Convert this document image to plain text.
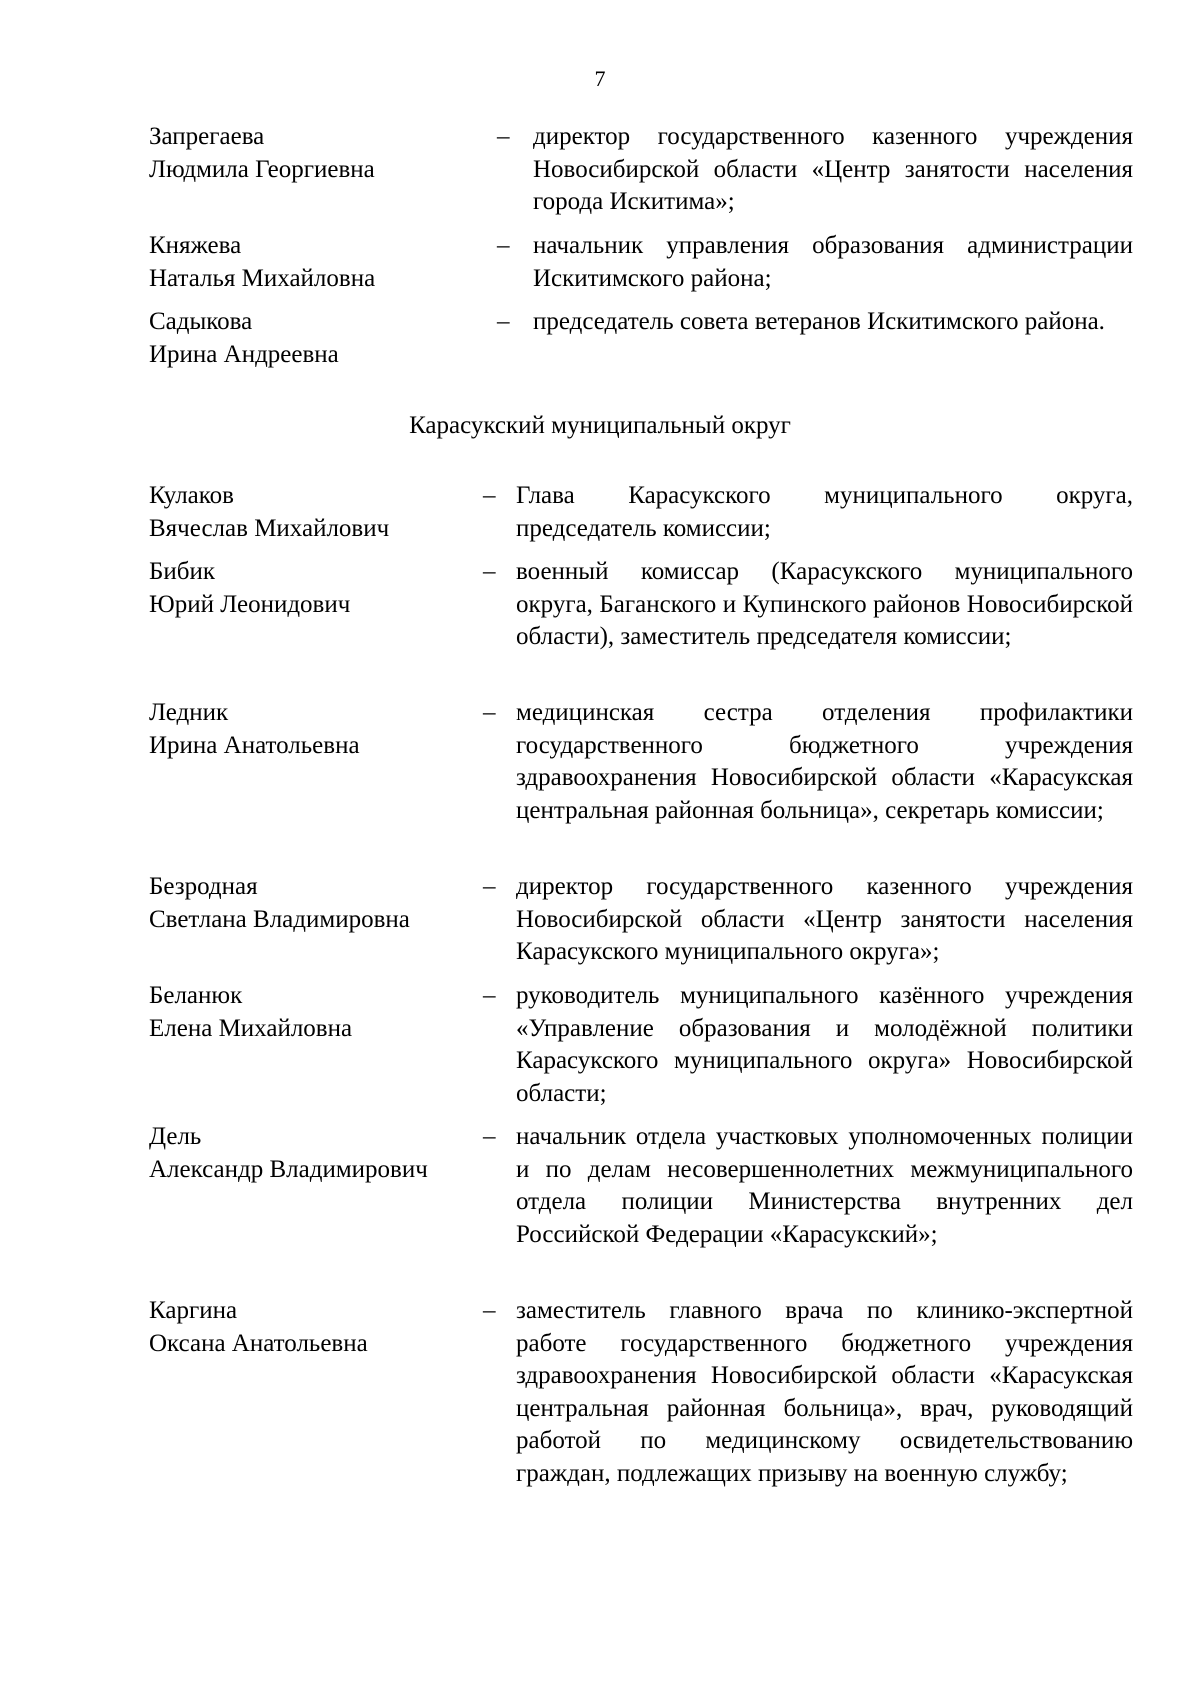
7
Запрегаева
Людмила Георгиевна
– директор государственного казенного учреждения Новосибирской области «Центр занятости населения города Искитима»;
Княжева
Наталья Михайловна
– начальник управления образования администрации Искитимского района;
Садыкова
Ирина Андреевна
– председатель совета ветеранов Искитимского района.
Карасукский муниципальный округ
Кулаков
Вячеслав Михайлович
– Глава Карасукского муниципального округа, председатель комиссии;
Бибик
Юрий Леонидович
– военный комиссар (Карасукского муниципального округа, Баганского и Купинского районов Новосибирской области), заместитель председателя комиссии;
Ледник
Ирина Анатольевна
– медицинская сестра отделения профилактики государственного бюджетного учреждения здравоохранения Новосибирской области «Карасукская центральная районная больница», секретарь комиссии;
Безродная
Светлана Владимировна
– директор государственного казенного учреждения Новосибирской области «Центр занятости населения Карасукского муниципального округа»;
Беланюк
Елена Михайловна
– руководитель муниципального казённого учреждения «Управление образования и молодёжной политики Карасукского муниципального округа» Новосибирской области;
Дель
Александр Владимирович
– начальник отдела участковых уполномоченных полиции и по делам несовершеннолетних межмуниципального отдела полиции Министерства внутренних дел Российской Федерации «Карасукский»;
Каргина
Оксана Анатольевна
– заместитель главного врача по клинико-экспертной работе государственного бюджетного учреждения здравоохранения Новосибирской области «Карасукская центральная районная больница», врач, руководящий работой по медицинскому освидетельствованию граждан, подлежащих призыву на военную службу;
